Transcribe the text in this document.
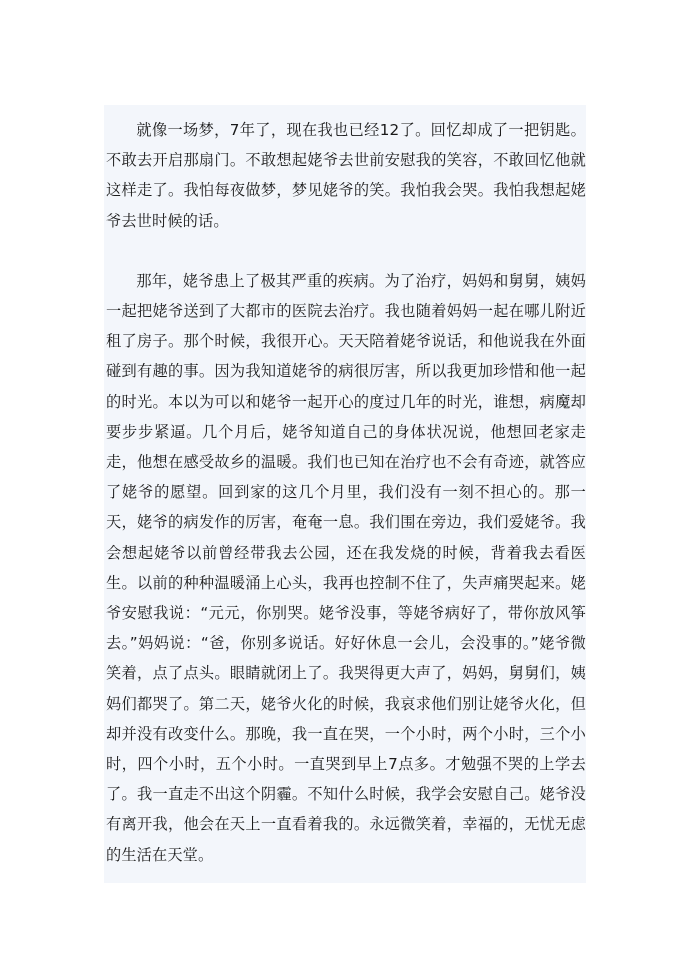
就像一场梦，7年了，现在我也已经12了。回忆却成了一把钥匙。不敢去开启那扇门。不敢想起姥爷去世前安慰我的笑容，不敢回忆他就这样走了。我怕每夜做梦，梦见姥爷的笑。我怕我会哭。我怕我想起姥爷去世时候的话。

那年，姥爷患上了极其严重的疾病。为了治疗，妈妈和舅舅，姨妈一起把姥爷送到了大都市的医院去治疗。我也随着妈妈一起在哪儿附近租了房子。那个时候，我很开心。天天陪着姥爷说话，和他说我在外面碰到有趣的事。因为我知道姥爷的病很厉害，所以我更加珍惜和他一起的时光。本以为可以和姥爷一起开心的度过几年的时光，谁想，病魔却要步步紧逼。几个月后，姥爷知道自己的身体状况说，他想回老家走走，他想在感受故乡的温暖。我们也已知在治疗也不会有奇迹，就答应了姥爷的愿望。回到家的这几个月里，我们没有一刻不担心的。那一天，姥爷的病发作的厉害，奄奄一息。我们围在旁边，我们爱姥爷。我会想起姥爷以前曾经带我去公园，还在我发烧的时候，背着我去看医生。以前的种种温暖涌上心头，我再也控制不住了，失声痛哭起来。姥爷安慰我说：“元元，你别哭。姥爷没事，等姥爷病好了，带你放风筝去。”妈妈说：“爸，你别多说话。好好休息一会儿，会没事的。”姥爷微笑着，点了点头。眼睛就闭上了。我哭得更大声了，妈妈，舅舅们，姨妈们都哭了。第二天，姥爷火化的时候，我哀求他们别让姥爷火化，但却并没有改变什么。那晚，我一直在哭，一个小时，两个小时，三个小时，四个小时，五个小时。一直哭到早上7点多。才勉强不哭的上学去了。我一直走不出这个阴霾。不知什么时候，我学会安慰自己。姥爷没有离开我，他会在天上一直看着我的。永远微笑着，幸福的，无忧无虑的生活在天堂。
